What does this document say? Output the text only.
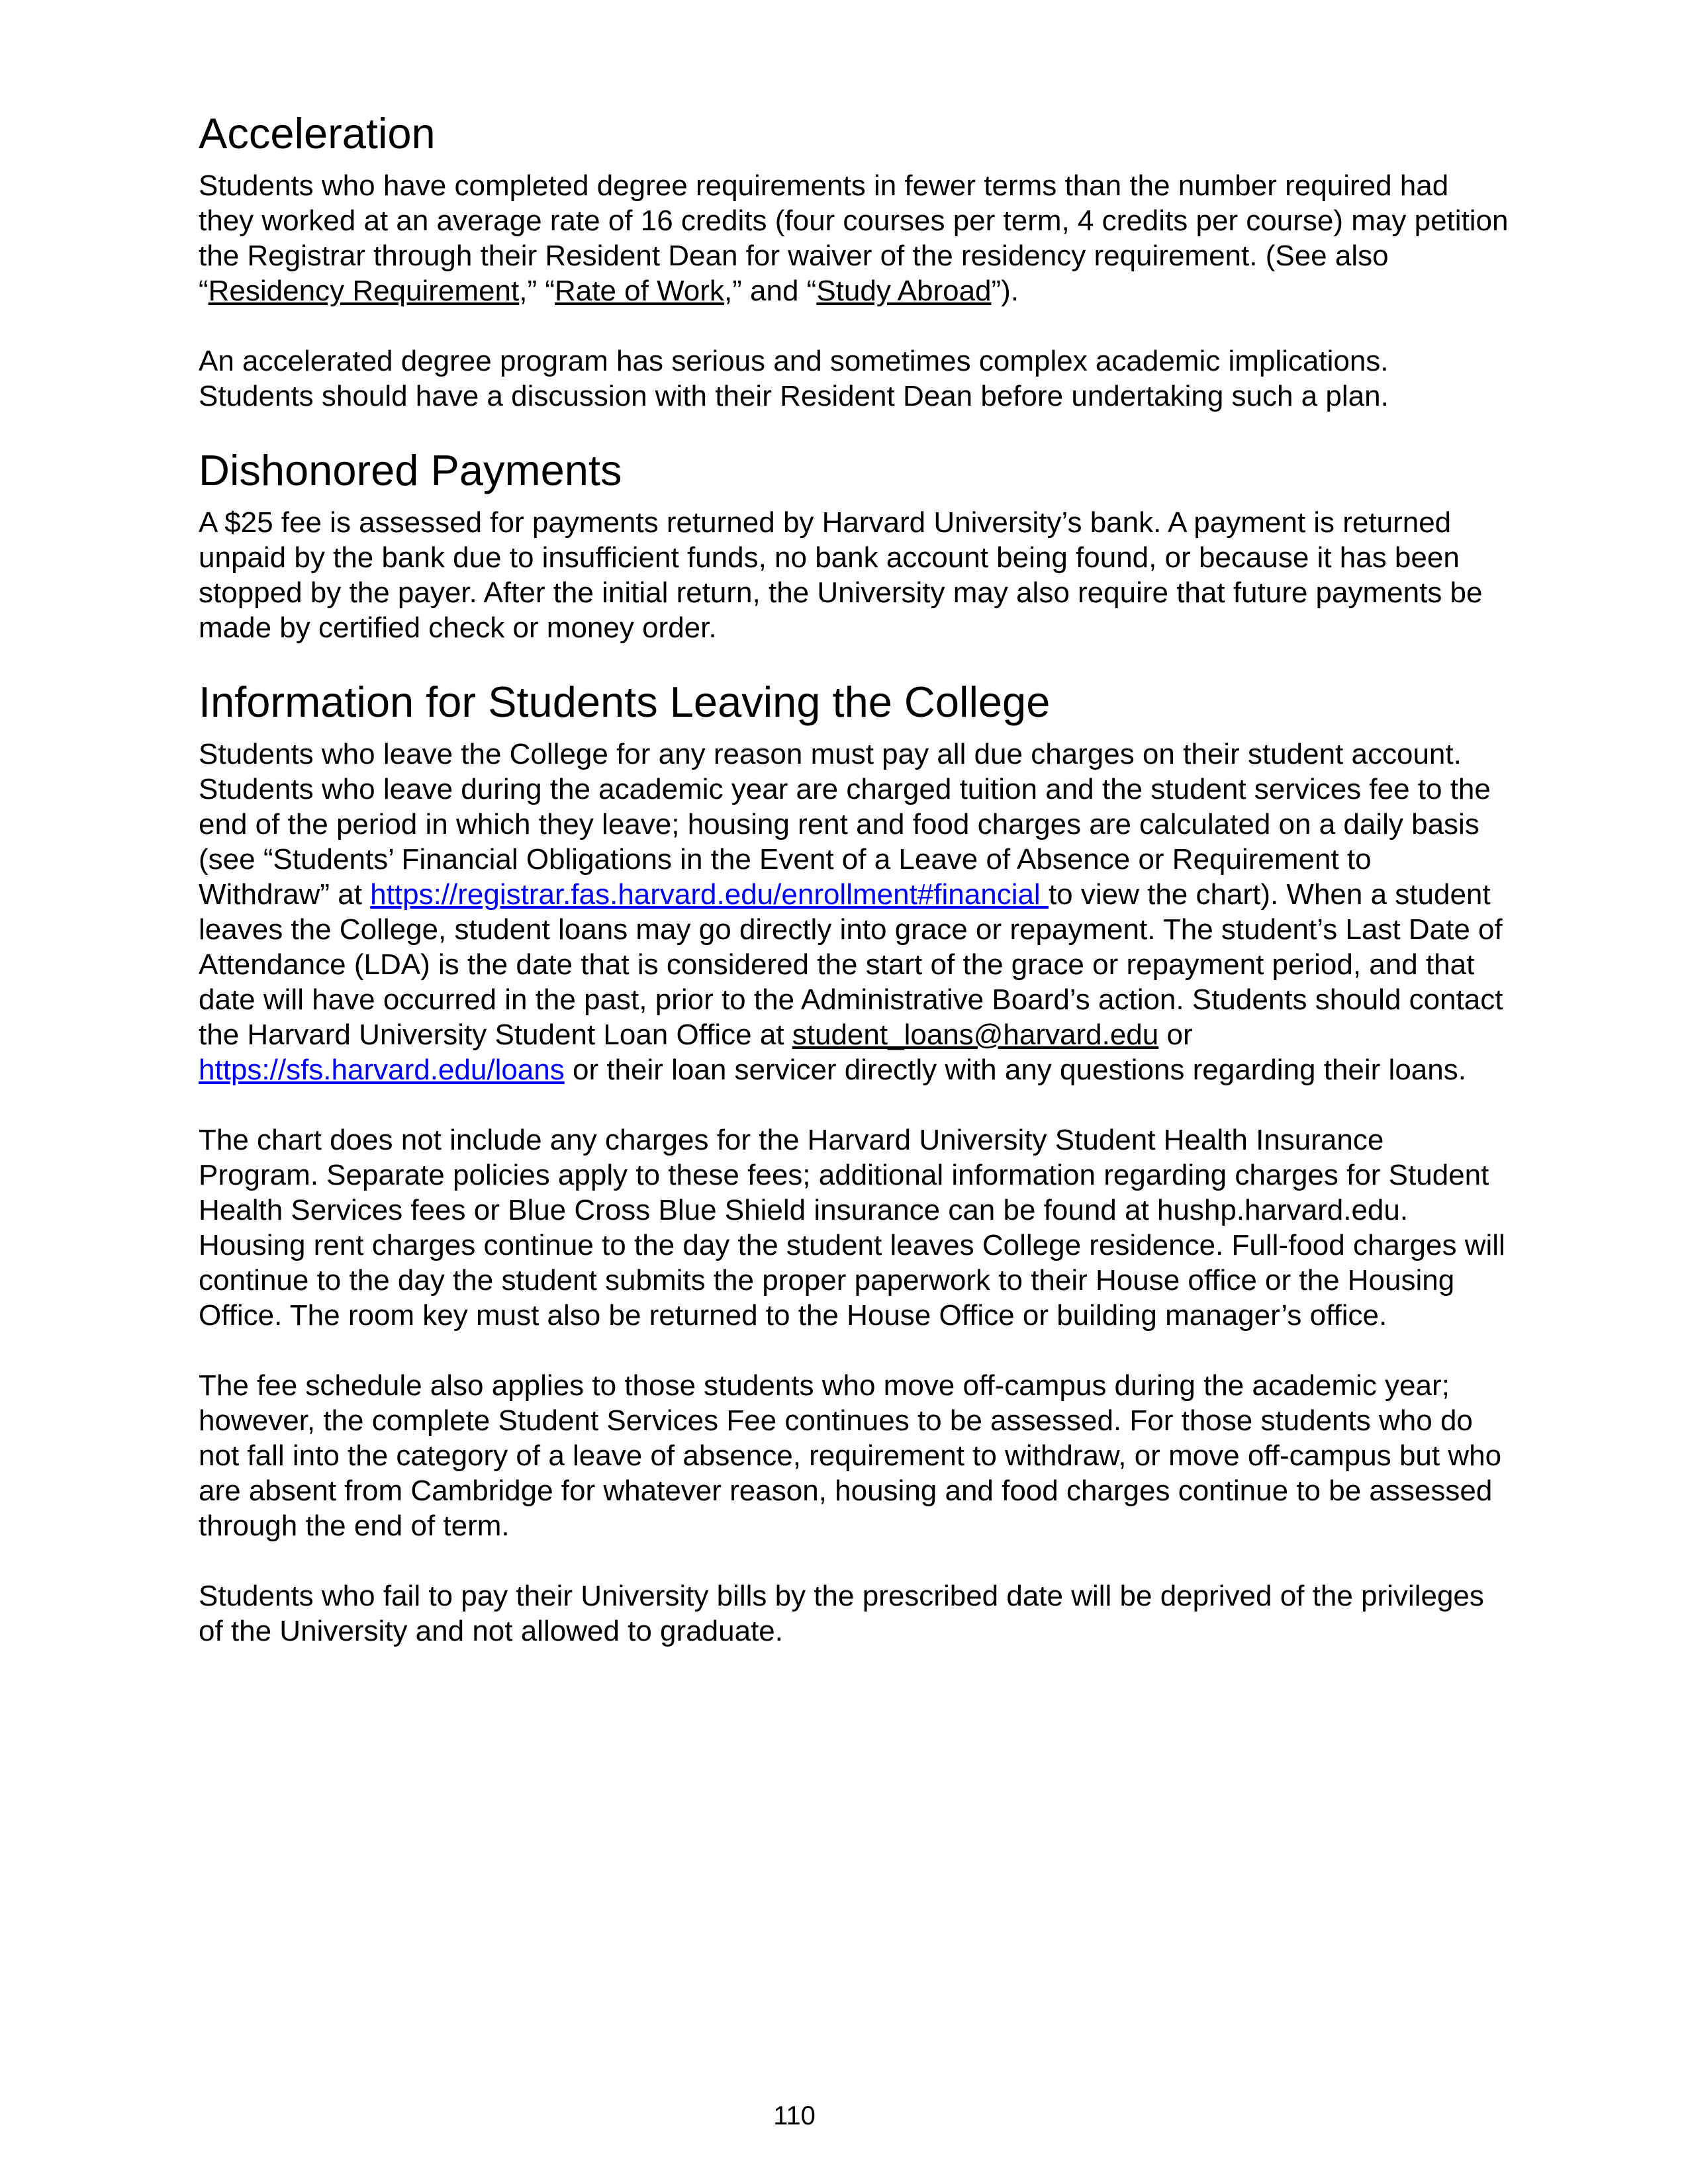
Acceleration

Students who have completed degree requirements in fewer terms than the number required had they worked at an average rate of 16 credits (four courses per term, 4 credits per course) may petition the Registrar through their Resident Dean for waiver of the residency requirement. (See also “Residency Requirement,” “Rate of Work,” and “Study Abroad”).

An accelerated degree program has serious and sometimes complex academic implications. Students should have a discussion with their Resident Dean before undertaking such a plan.

Dishonored Payments

A $25 fee is assessed for payments returned by Harvard University’s bank. A payment is returned unpaid by the bank due to insufficient funds, no bank account being found, or because it has been stopped by the payer. After the initial return, the University may also require that future payments be made by certified check or money order.

Information for Students Leaving the College

Students who leave the College for any reason must pay all due charges on their student account. Students who leave during the academic year are charged tuition and the student services fee to the end of the period in which they leave; housing rent and food charges are calculated on a daily basis (see “Students’ Financial Obligations in the Event of a Leave of Absence or Requirement to Withdraw” at https://registrar.fas.harvard.edu/enrollment#financial to view the chart). When a student leaves the College, student loans may go directly into grace or repayment. The student’s Last Date of Attendance (LDA) is the date that is considered the start of the grace or repayment period, and that date will have occurred in the past, prior to the Administrative Board’s action. Students should contact the Harvard University Student Loan Office at student_loans@harvard.edu or https://sfs.harvard.edu/loans or their loan servicer directly with any questions regarding their loans.

The chart does not include any charges for the Harvard University Student Health Insurance Program. Separate policies apply to these fees; additional information regarding charges for Student Health Services fees or Blue Cross Blue Shield insurance can be found at hushp.harvard.edu. Housing rent charges continue to the day the student leaves College residence. Full-food charges will continue to the day the student submits the proper paperwork to their House office or the Housing Office. The room key must also be returned to the House Office or building manager’s office.

The fee schedule also applies to those students who move off-campus during the academic year; however, the complete Student Services Fee continues to be assessed. For those students who do not fall into the category of a leave of absence, requirement to withdraw, or move off-campus but who are absent from Cambridge for whatever reason, housing and food charges continue to be assessed through the end of term.

Students who fail to pay their University bills by the prescribed date will be deprived of the privileges of the University and not allowed to graduate.

110
